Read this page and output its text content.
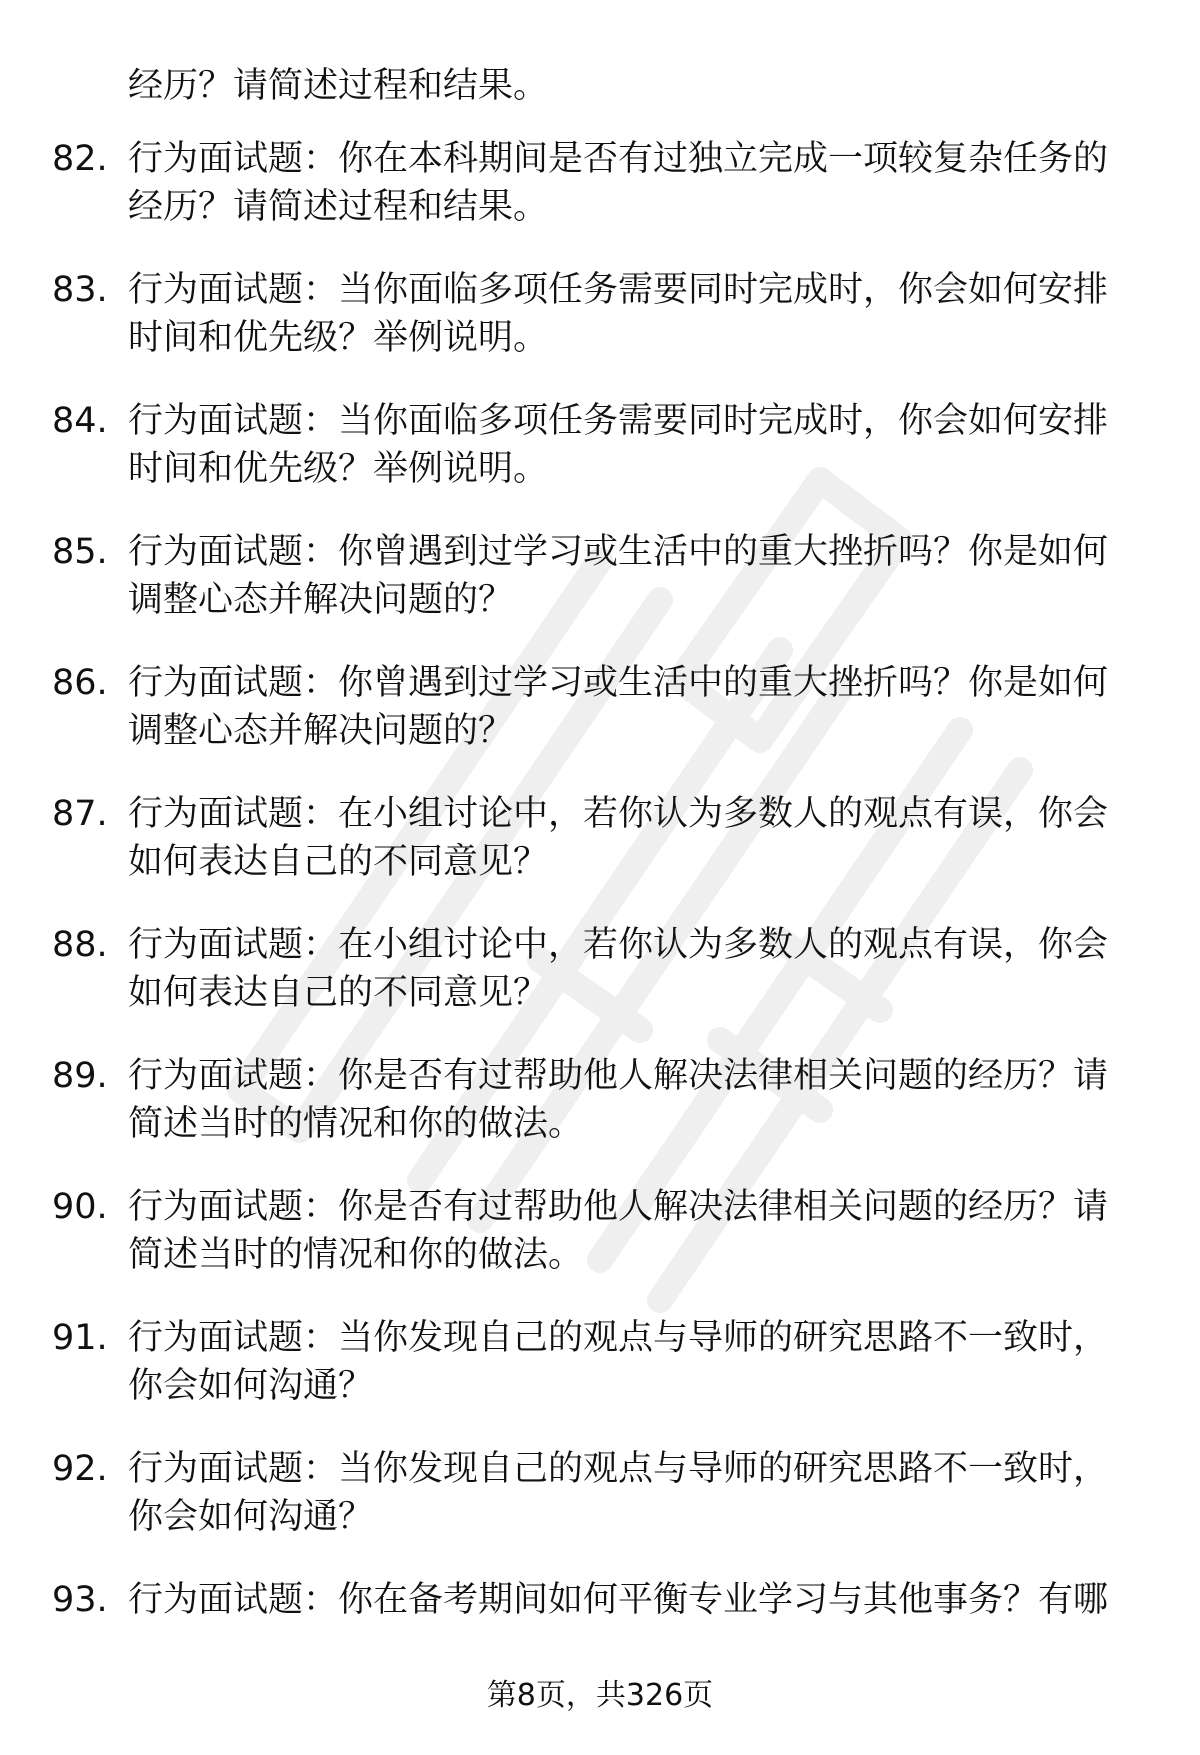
经历？请简述过程和结果。

82. 行为面试题：你在本科期间是否有过独立完成一项较复杂任务的
经历？请简述过程和结果。

83. 行为面试题：当你面临多项任务需要同时完成时，你会如何安排
时间和优先级？举例说明。

84. 行为面试题：当你面临多项任务需要同时完成时，你会如何安排
时间和优先级？举例说明。

85. 行为面试题：你曾遇到过学习或生活中的重大挫折吗？你是如何
调整心态并解决问题的？

86. 行为面试题：你曾遇到过学习或生活中的重大挫折吗？你是如何
调整心态并解决问题的？

87. 行为面试题：在小组讨论中，若你认为多数人的观点有误，你会
如何表达自己的不同意见？

88. 行为面试题：在小组讨论中，若你认为多数人的观点有误，你会
如何表达自己的不同意见？

89. 行为面试题：你是否有过帮助他人解决法律相关问题的经历？请
简述当时的情况和你的做法。

90. 行为面试题：你是否有过帮助他人解决法律相关问题的经历？请
简述当时的情况和你的做法。

91. 行为面试题：当你发现自己的观点与导师的研究思路不一致时，
你会如何沟通？

92. 行为面试题：当你发现自己的观点与导师的研究思路不一致时，
你会如何沟通？

93. 行为面试题：你在备考期间如何平衡专业学习与其他事务？有哪

第8页，共326页
